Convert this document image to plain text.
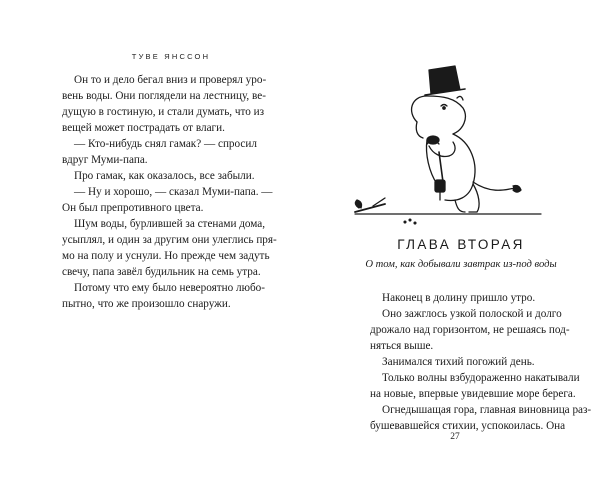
ТУВЕ ЯНССОН

Он то и дело бегал вниз и проверял уро-

вень воды. Они поглядели на лестницу, ве-

дущую в гостиную, и стали думать, что из

вещей может пострадать от влаги.

— Кто-нибудь снял гамак? — спросил

вдруг Муми-папа.

Про гамак, как оказалось, все забыли.

— Ну и хорошо, — сказал Муми-папа. —

Он был препротивного цвета.

Шум воды, бурлившей за стенами дома,

усыплял, и один за другим они улеглись пря-

мо на полу и уснули. Но прежде чем задуть

свечу, папа завёл будильник на семь утра.

Потому что ему было невероятно любо-

пытно, что же произошло снаружи.

ГЛАВА ВТОРАЯ
О том, как добывали завтрак из-под воды

Наконец в долину пришло утро.

Оно зажглось узкой полоской и долго

дрожало над горизонтом, не решаясь под-

няться выше.

Занимался тихий погожий день.

Только волны взбудораженно накатывали

на новые, впервые увидевшие море берега.

Огнедышащая гора, главная виновница раз-

бушевавшейся стихии, успокоилась. Она

27
